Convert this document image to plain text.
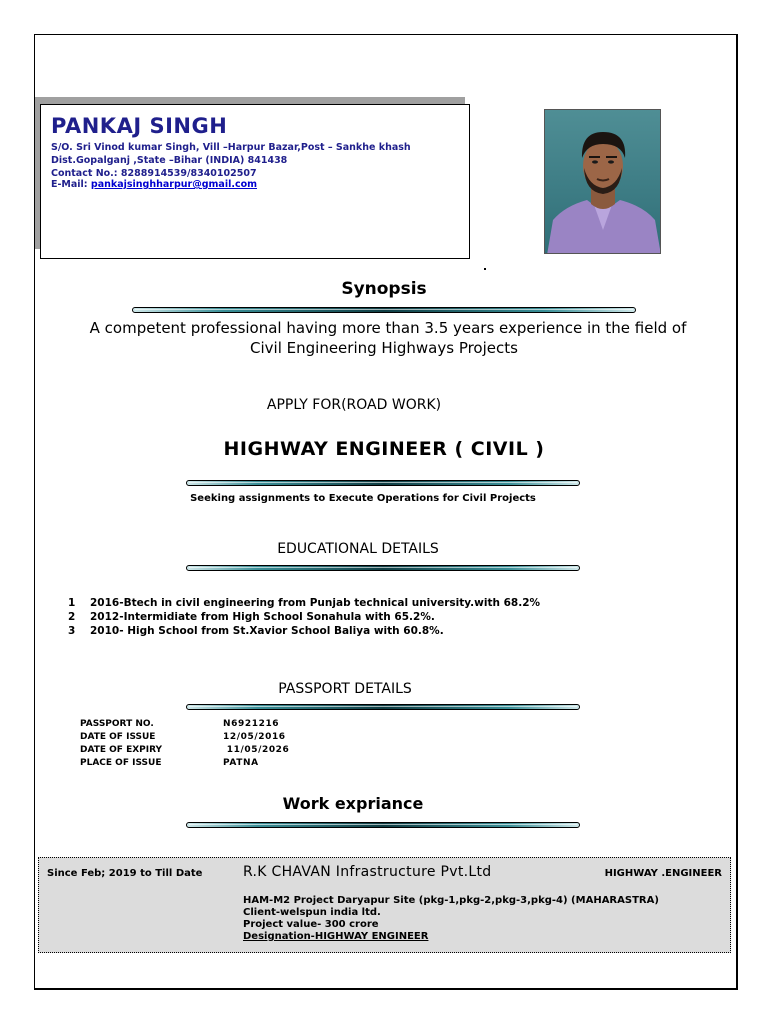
PANKAJ SINGH
S/O. Sri Vinod kumar Singh, Vill –Harpur Bazar,Post – Sankhe khash
Dist.Gopalganj ,State –Bihar (INDIA) 841438
Contact No.: 8288914539/8340102507
E-Mail: pankajsinghharpur@gmail.com
Synopsis
A competent professional having more than 3.5 years experience in the field of
Civil Engineering Highways Projects
APPLY FOR(ROAD WORK)
HIGHWAY ENGINEER ( CIVIL )
Seeking assignments to Execute Operations for Civil Projects
EDUCATIONAL DETAILS
1 2016-Btech in civil engineering from Punjab technical university.with 68.2%
2 2012-Intermidiate from High School Sonahula with 65.2%.
3 2010- High School from St.Xavior School Baliya with 60.8%.
PASSPORT DETAILS
PASSPORT NO.	N6921216
DATE OF ISSUE	12/05/2016
DATE OF EXPIRY	11/05/2026
PLACE OF ISSUE	PATNA
Work expriance
Since Feb; 2019 to Till Date	R.K CHAVAN Infrastructure Pvt.Ltd	HIGHWAY .ENGINEER
HAM-M2 Project Daryapur Site (pkg-1,pkg-2,pkg-3,pkg-4) (MAHARASTRA)
Client-welspun india ltd.
Project value- 300 crore
Designation-HIGHWAY ENGINEER
